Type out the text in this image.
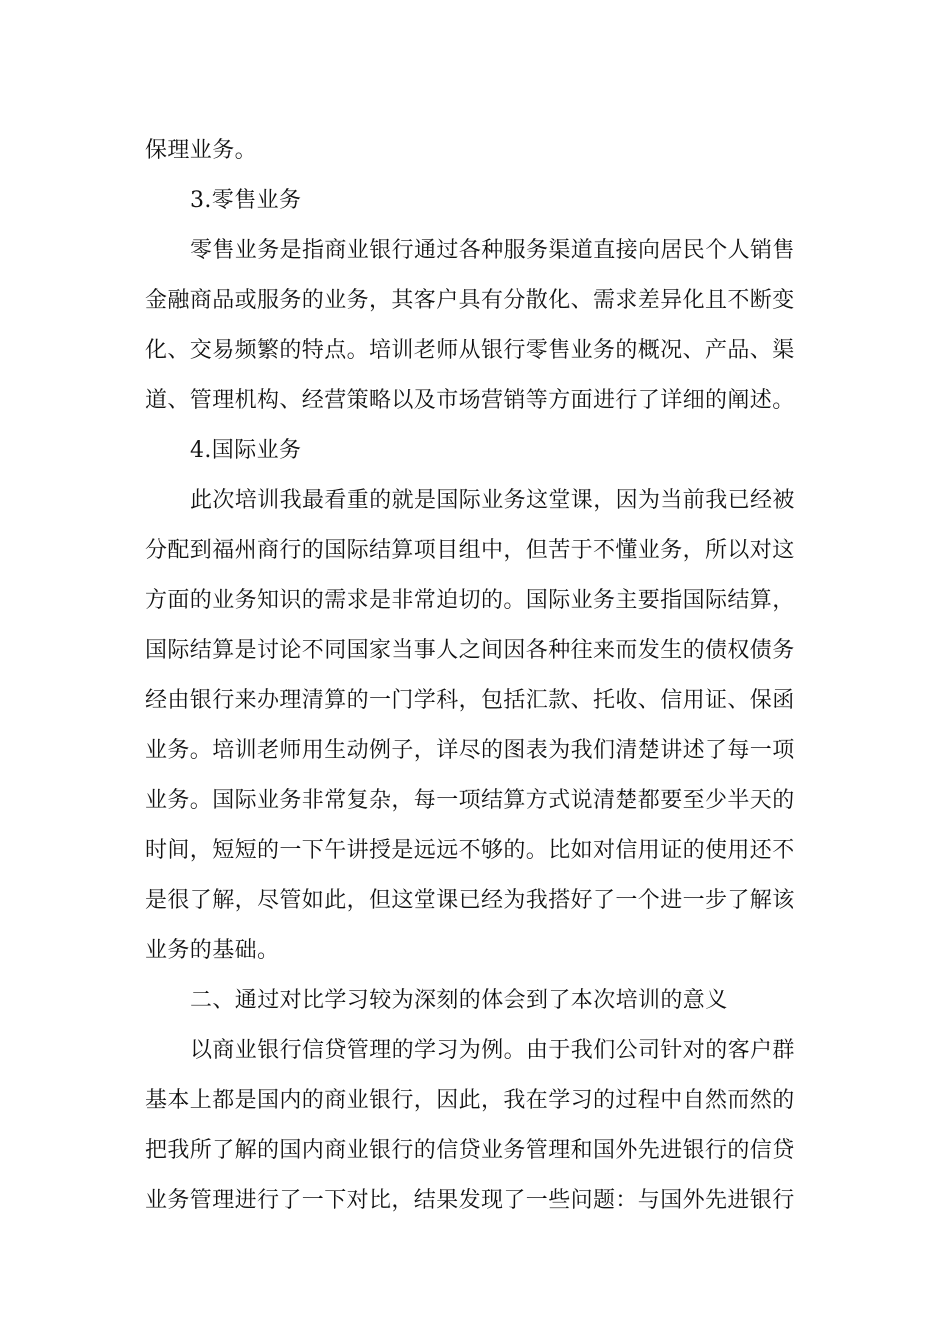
保理业务。
3.零售业务
零售业务是指商业银行通过各种服务渠道直接向居民个人销售
金融商品或服务的业务，其客户具有分散化、需求差异化且不断变
化、交易频繁的特点。培训老师从银行零售业务的概况、产品、渠
道、管理机构、经营策略以及市场营销等方面进行了详细的阐述。
4.国际业务
此次培训我最看重的就是国际业务这堂课，因为当前我已经被
分配到福州商行的国际结算项目组中，但苦于不懂业务，所以对这
方面的业务知识的需求是非常迫切的。国际业务主要指国际结算，
国际结算是讨论不同国家当事人之间因各种往来而发生的债权债务
经由银行来办理清算的一门学科，包括汇款、托收、信用证、保函
业务。培训老师用生动例子，详尽的图表为我们清楚讲述了每一项
业务。国际业务非常复杂，每一项结算方式说清楚都要至少半天的
时间，短短的一下午讲授是远远不够的。比如对信用证的使用还不
是很了解，尽管如此，但这堂课已经为我搭好了一个进一步了解该
业务的基础。
二、通过对比学习较为深刻的体会到了本次培训的意义
以商业银行信贷管理的学习为例。由于我们公司针对的客户群
基本上都是国内的商业银行，因此，我在学习的过程中自然而然的
把我所了解的国内商业银行的信贷业务管理和国外先进银行的信贷
业务管理进行了一下对比，结果发现了一些问题：与国外先进银行
